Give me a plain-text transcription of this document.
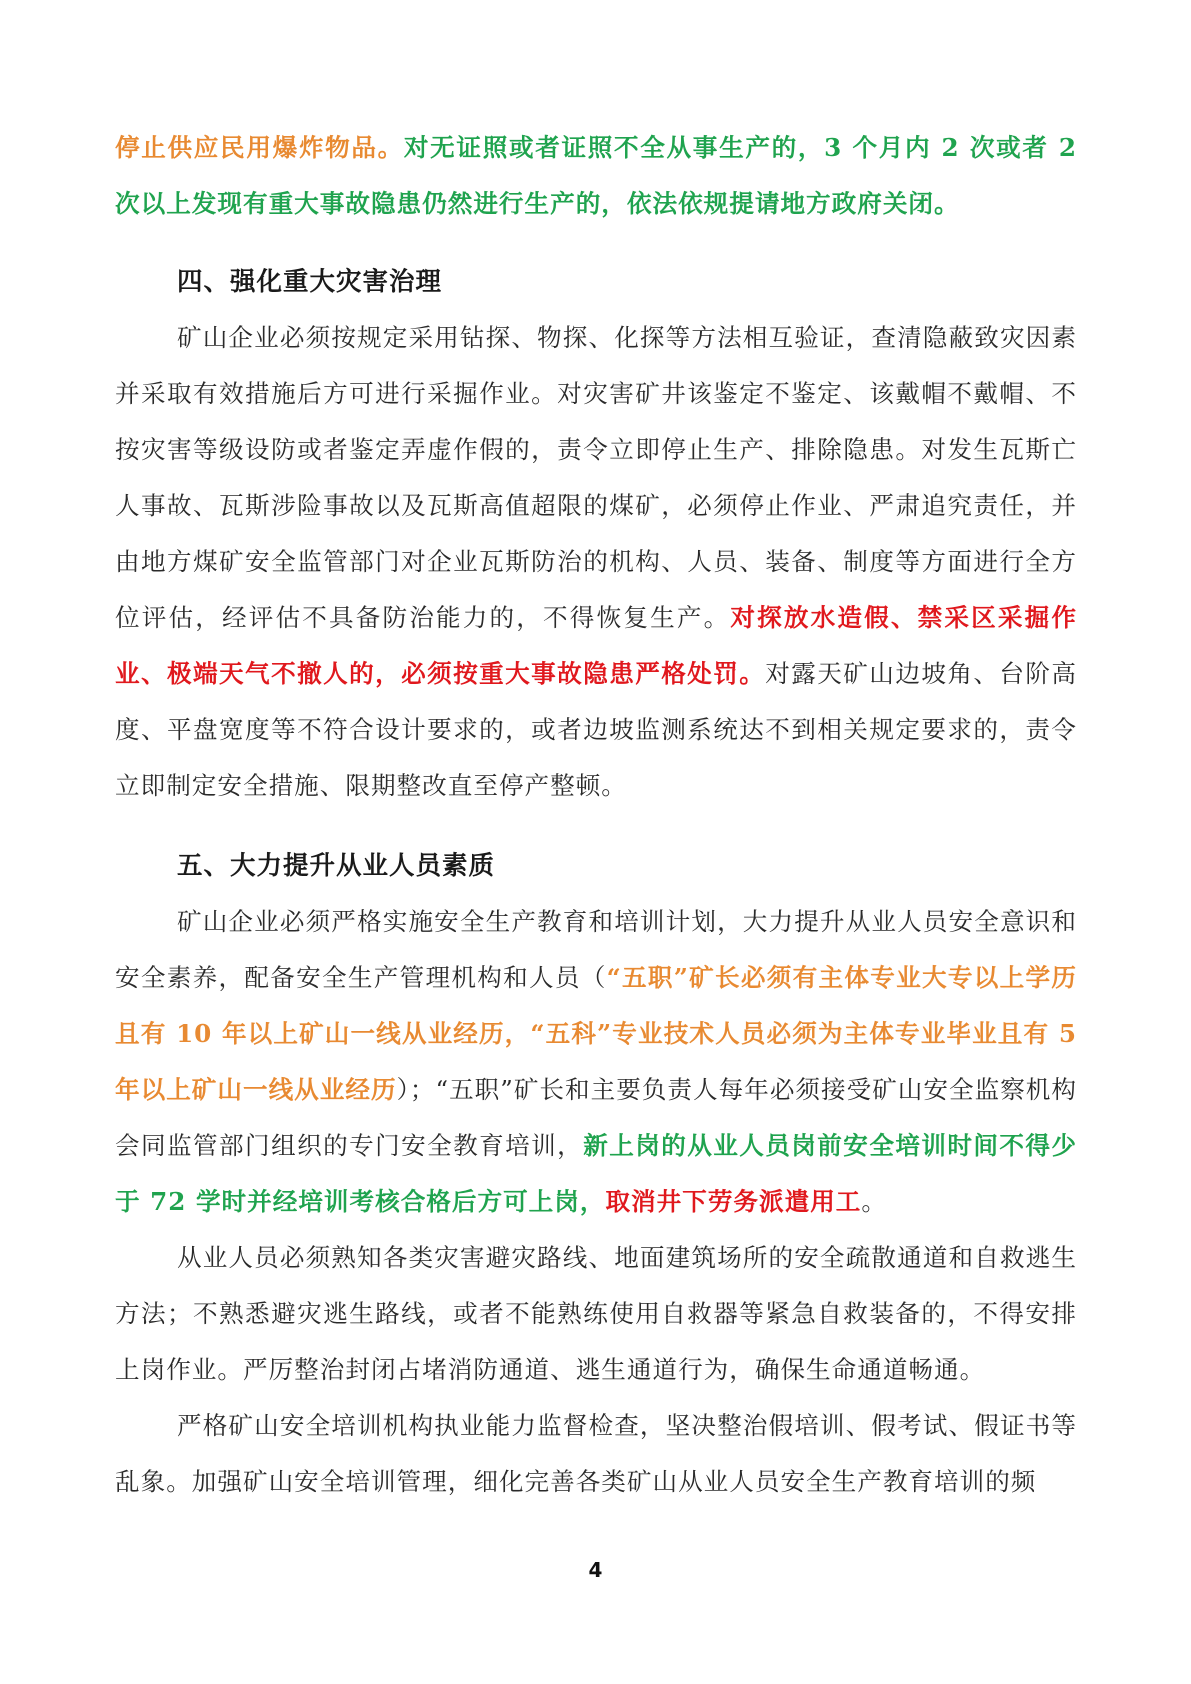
停止供应民用爆炸物品。对无证照或者证照不全从事生产的，3 个月内 2 次或者 2 次以上发现有重大事故隐患仍然进行生产的，依法依规提请地方政府关闭。

四、强化重大灾害治理

矿山企业必须按规定采用钻探、物探、化探等方法相互验证，查清隐蔽致灾因素并采取有效措施后方可进行采掘作业。对灾害矿井该鉴定不鉴定、该戴帽不戴帽、不按灾害等级设防或者鉴定弄虚作假的，责令立即停止生产、排除隐患。对发生瓦斯亡人事故、瓦斯涉险事故以及瓦斯高值超限的煤矿，必须停止作业、严肃追究责任，并由地方煤矿安全监管部门对企业瓦斯防治的机构、人员、装备、制度等方面进行全方位评估，经评估不具备防治能力的，不得恢复生产。对探放水造假、禁采区采掘作业、极端天气不撤人的，必须按重大事故隐患严格处罚。对露天矿山边坡角、台阶高度、平盘宽度等不符合设计要求的，或者边坡监测系统达不到相关规定要求的，责令立即制定安全措施、限期整改直至停产整顿。

五、大力提升从业人员素质

矿山企业必须严格实施安全生产教育和培训计划，大力提升从业人员安全意识和安全素养，配备安全生产管理机构和人员（“五职”矿长必须有主体专业大专以上学历且有 10 年以上矿山一线从业经历，“五科”专业技术人员必须为主体专业毕业且有 5 年以上矿山一线从业经历）；“五职”矿长和主要负责人每年必须接受矿山安全监察机构会同监管部门组织的专门安全教育培训，新上岗的从业人员岗前安全培训时间不得少于 72 学时并经培训考核合格后方可上岗，取消井下劳务派遣用工。

从业人员必须熟知各类灾害避灾路线、地面建筑场所的安全疏散通道和自救逃生方法；不熟悉避灾逃生路线，或者不能熟练使用自救器等紧急自救装备的，不得安排上岗作业。严厉整治封闭占堵消防通道、逃生通道行为，确保生命通道畅通。

严格矿山安全培训机构执业能力监督检查，坚决整治假培训、假考试、假证书等乱象。加强矿山安全培训管理，细化完善各类矿山从业人员安全生产教育培训的频

4
